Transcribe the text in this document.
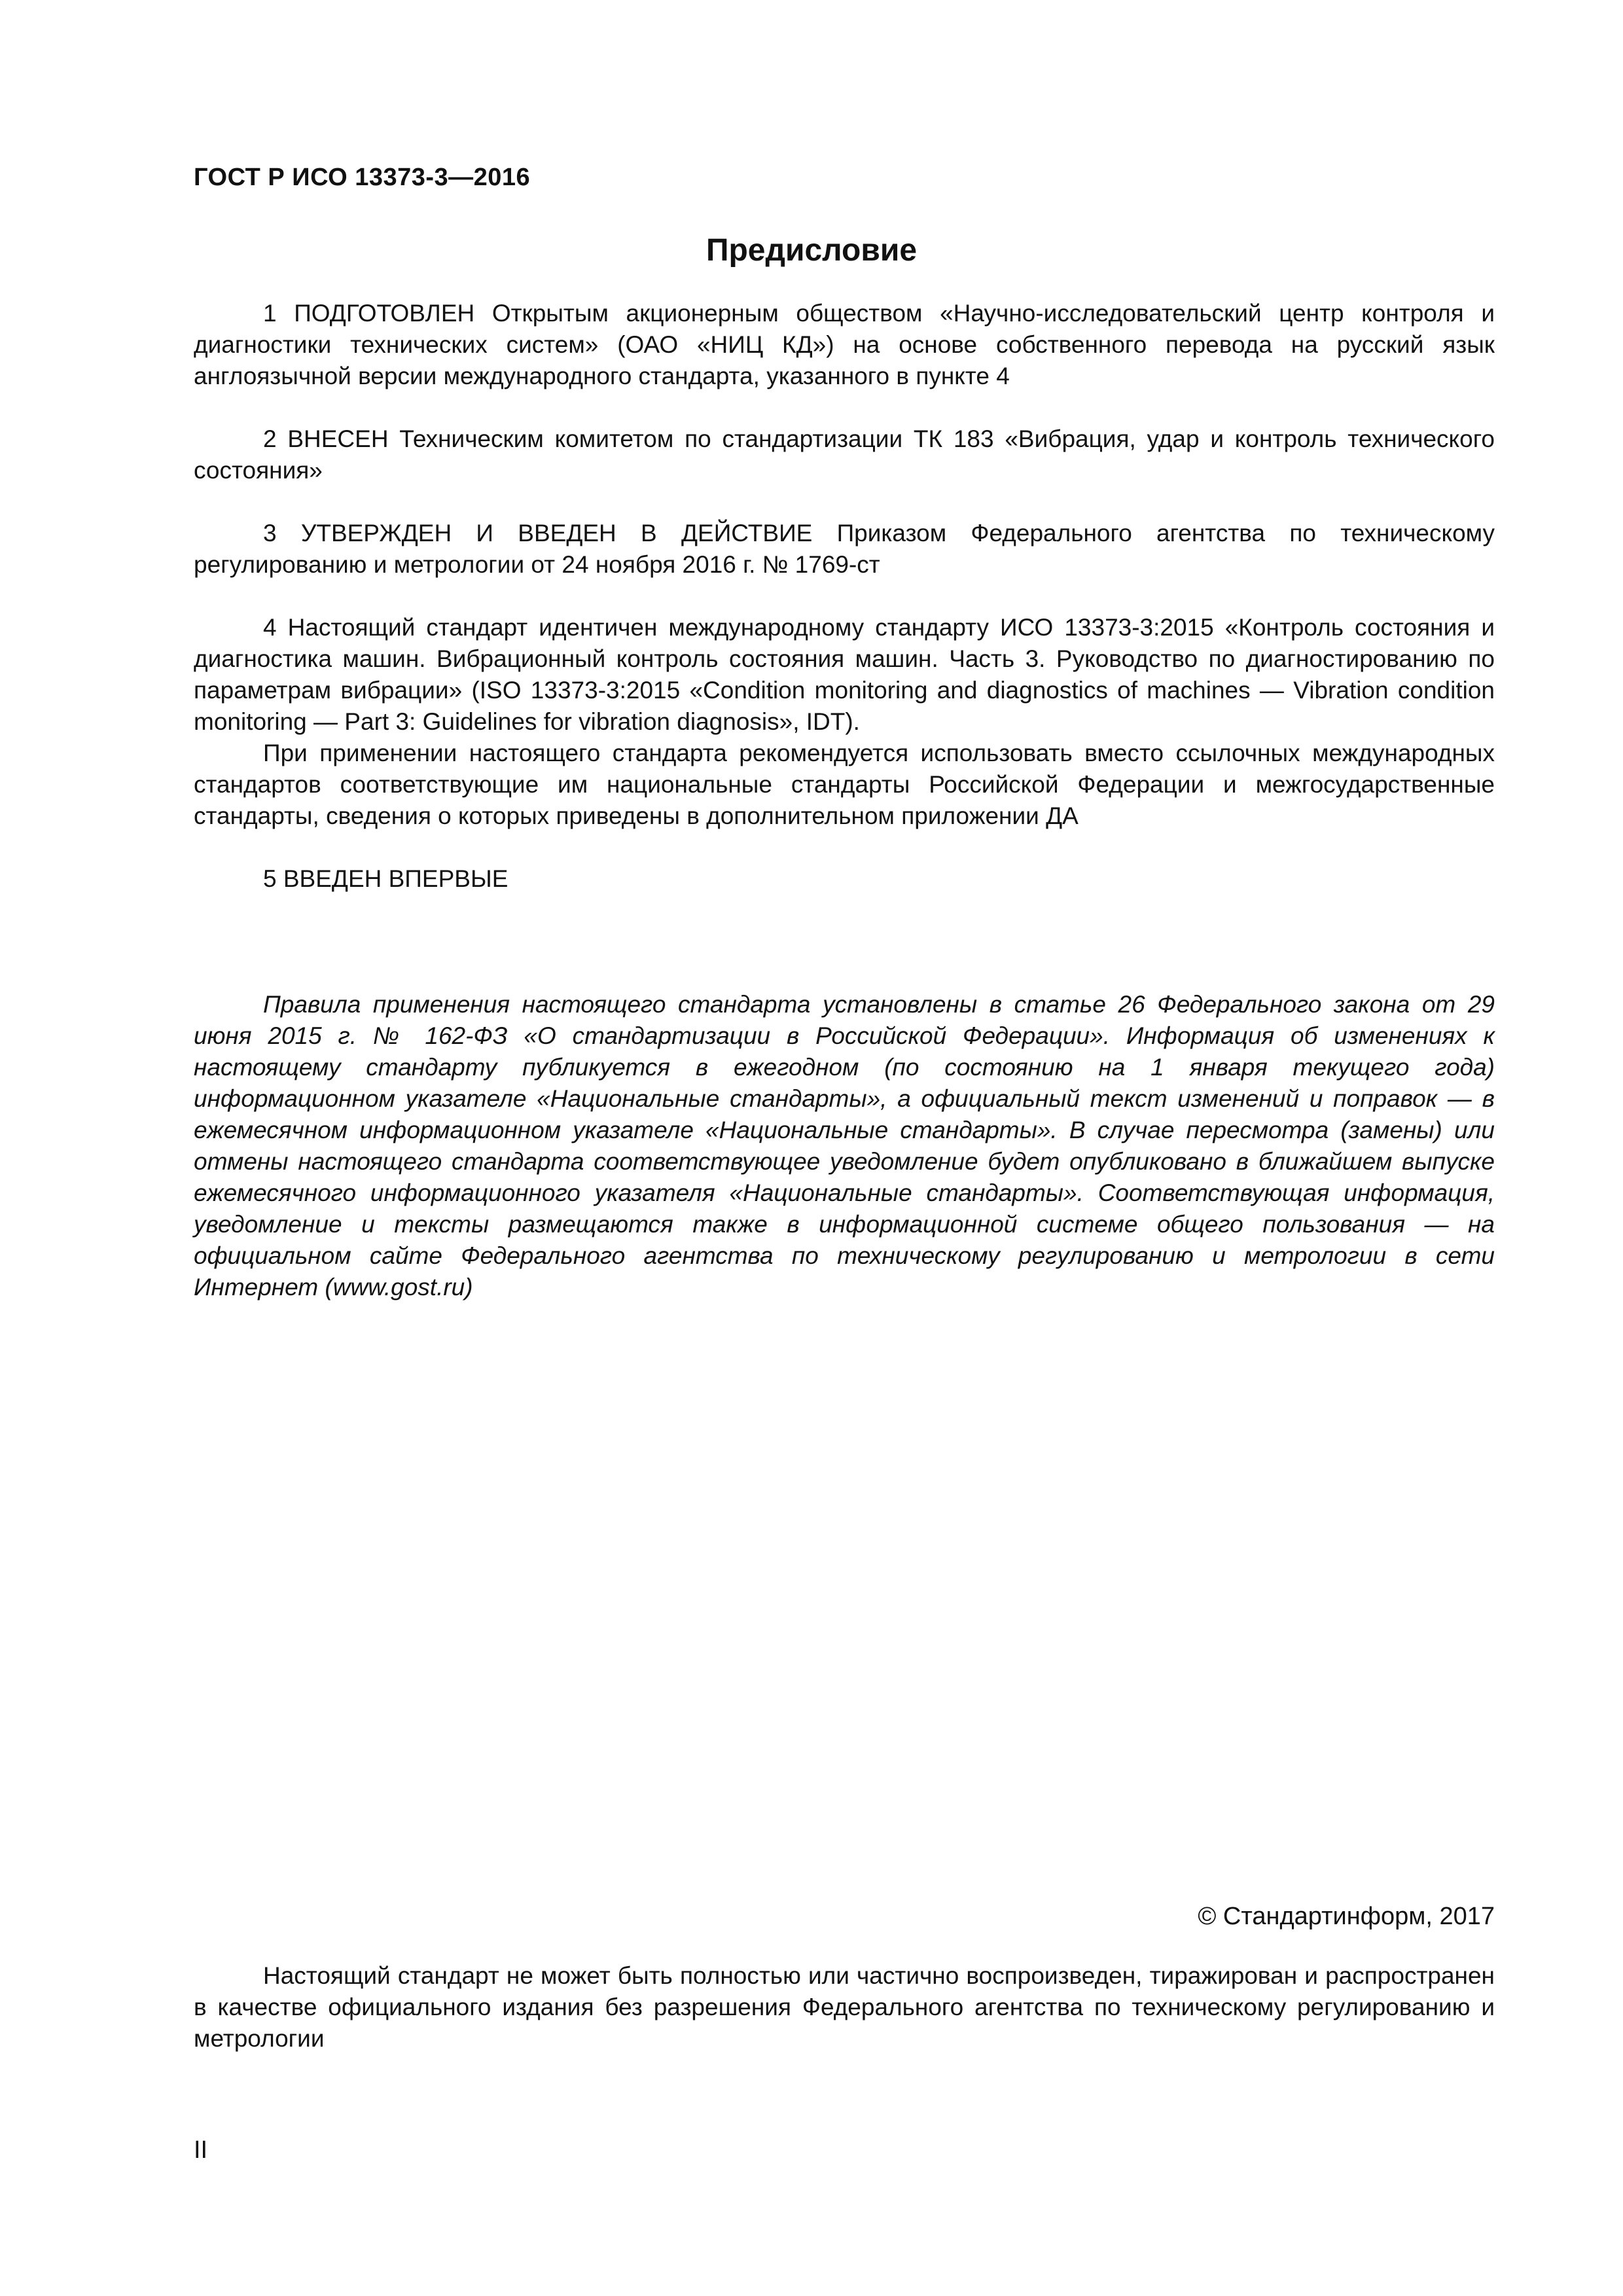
ГОСТ Р ИСО 13373-3—2016
Предисловие
1 ПОДГОТОВЛЕН Открытым акционерным обществом «Научно-исследовательский центр контроля и диагностики технических систем» (ОАО «НИЦ КД») на основе собственного перевода на русский язык англоязычной версии международного стандарта, указанного в пункте 4
2 ВНЕСЕН Техническим комитетом по стандартизации ТК 183 «Вибрация, удар и контроль технического состояния»
3 УТВЕРЖДЕН И ВВЕДЕН В ДЕЙСТВИЕ Приказом Федерального агентства по техническому регулированию и метрологии от 24 ноября 2016 г. № 1769-ст
4 Настоящий стандарт идентичен международному стандарту ИСО 13373-3:2015 «Контроль состояния и диагностика машин. Вибрационный контроль состояния машин. Часть 3. Руководство по диагностированию по параметрам вибрации» (ISO 13373-3:2015 «Condition monitoring and diagnostics of machines — Vibration condition monitoring — Part 3: Guidelines for vibration diagnosis», IDT).
При применении настоящего стандарта рекомендуется использовать вместо ссылочных международных стандартов соответствующие им национальные стандарты Российской Федерации и межгосударственные стандарты, сведения о которых приведены в дополнительном приложении ДА
5 ВВЕДЕН ВПЕРВЫЕ
Правила применения настоящего стандарта установлены в статье 26 Федерального закона от 29 июня 2015 г. № 162-ФЗ «О стандартизации в Российской Федерации». Информация об изменениях к настоящему стандарту публикуется в ежегодном (по состоянию на 1 января текущего года) информационном указателе «Национальные стандарты», а официальный текст изменений и поправок — в ежемесячном информационном указателе «Национальные стандарты». В случае пересмотра (замены) или отмены настоящего стандарта соответствующее уведомление будет опубликовано в ближайшем выпуске ежемесячного информационного указателя «Национальные стандарты». Соответствующая информация, уведомление и тексты размещаются также в информационной системе общего пользования — на официальном сайте Федерального агентства по техническому регулированию и метрологии в сети Интернет (www.gost.ru)
© Стандартинформ, 2017
Настоящий стандарт не может быть полностью или частично воспроизведен, тиражирован и распространен в качестве официального издания без разрешения Федерального агентства по техническому регулированию и метрологии
II
